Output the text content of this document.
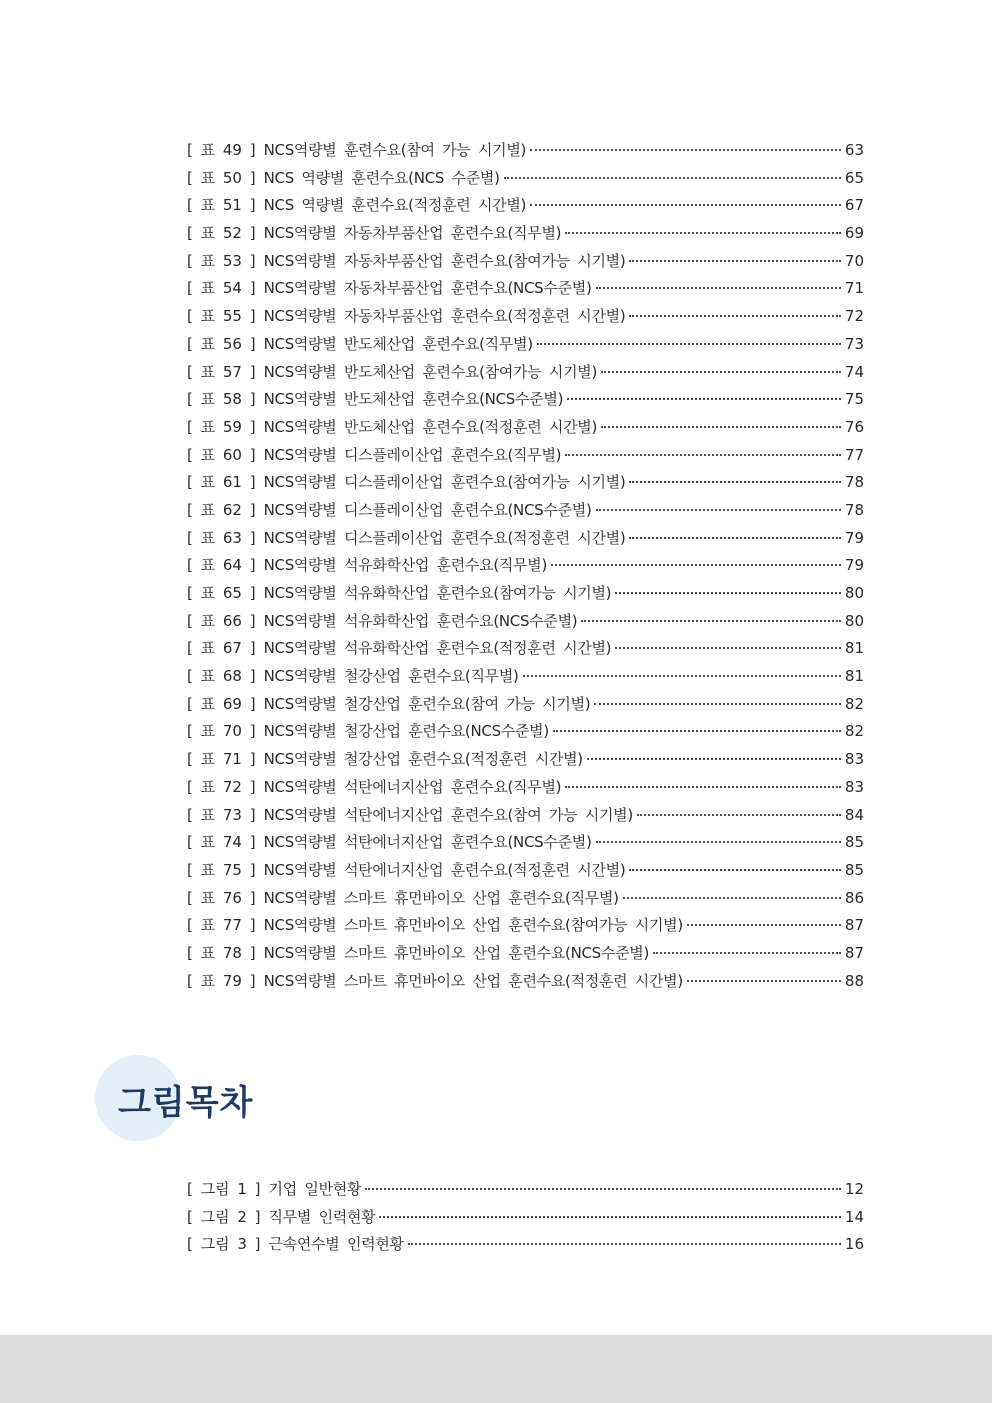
[ 표 49 ] NCS역량별 훈련수요(참여 가능 시기별)	63
[ 표 50 ] NCS 역량별 훈련수요(NCS 수준별)	65
[ 표 51 ] NCS 역량별 훈련수요(적정훈련 시간별)	67
[ 표 52 ] NCS역량별 자동차부품산업 훈련수요(직무별)	69
[ 표 53 ] NCS역량별 자동차부품산업 훈련수요(참여가능 시기별)	70
[ 표 54 ] NCS역량별 자동차부품산업 훈련수요(NCS수준별)	71
[ 표 55 ] NCS역량별 자동차부품산업 훈련수요(적정훈련 시간별)	72
[ 표 56 ] NCS역량별 반도체산업 훈련수요(직무별)	73
[ 표 57 ] NCS역량별 반도체산업 훈련수요(참여가능 시기별)	74
[ 표 58 ] NCS역량별 반도체산업 훈련수요(NCS수준별)	75
[ 표 59 ] NCS역량별 반도체산업 훈련수요(적정훈련 시간별)	76
[ 표 60 ] NCS역량별 디스플레이산업 훈련수요(직무별)	77
[ 표 61 ] NCS역량별 디스플레이산업 훈련수요(참여가능 시기별)	78
[ 표 62 ] NCS역량별 디스플레이산업 훈련수요(NCS수준별)	78
[ 표 63 ] NCS역량별 디스플레이산업 훈련수요(적정훈련 시간별)	79
[ 표 64 ] NCS역량별 석유화학산업 훈련수요(직무별)	79
[ 표 65 ] NCS역량별 석유화학산업 훈련수요(참여가능 시기별)	80
[ 표 66 ] NCS역량별 석유화학산업 훈련수요(NCS수준별)	80
[ 표 67 ] NCS역량별 석유화학산업 훈련수요(적정훈련 시간별)	81
[ 표 68 ] NCS역량별 철강산업 훈련수요(직무별)	81
[ 표 69 ] NCS역량별 철강산업 훈련수요(참여 가능 시기별)	82
[ 표 70 ] NCS역량별 철강산업 훈련수요(NCS수준별)	82
[ 표 71 ] NCS역량별 철강산업 훈련수요(적정훈련 시간별)	83
[ 표 72 ] NCS역량별 석탄에너지산업 훈련수요(직무별)	83
[ 표 73 ] NCS역량별 석탄에너지산업 훈련수요(참여 가능 시기별)	84
[ 표 74 ] NCS역량별 석탄에너지산업 훈련수요(NCS수준별)	85
[ 표 75 ] NCS역량별 석탄에너지산업 훈련수요(적정훈련 시간별)	85
[ 표 76 ] NCS역량별 스마트 휴먼바이오 산업 훈련수요(직무별)	86
[ 표 77 ] NCS역량별 스마트 휴먼바이오 산업 훈련수요(참여가능 시기별)	87
[ 표 78 ] NCS역량별 스마트 휴먼바이오 산업 훈련수요(NCS수준별)	87
[ 표 79 ] NCS역량별 스마트 휴먼바이오 산업 훈련수요(적정훈련 시간별)	88
그림목차
[ 그림 1 ] 기업 일반현황	12
[ 그림 2 ] 직무별 인력현황	14
[ 그림 3 ] 근속연수별 인력현황	16
